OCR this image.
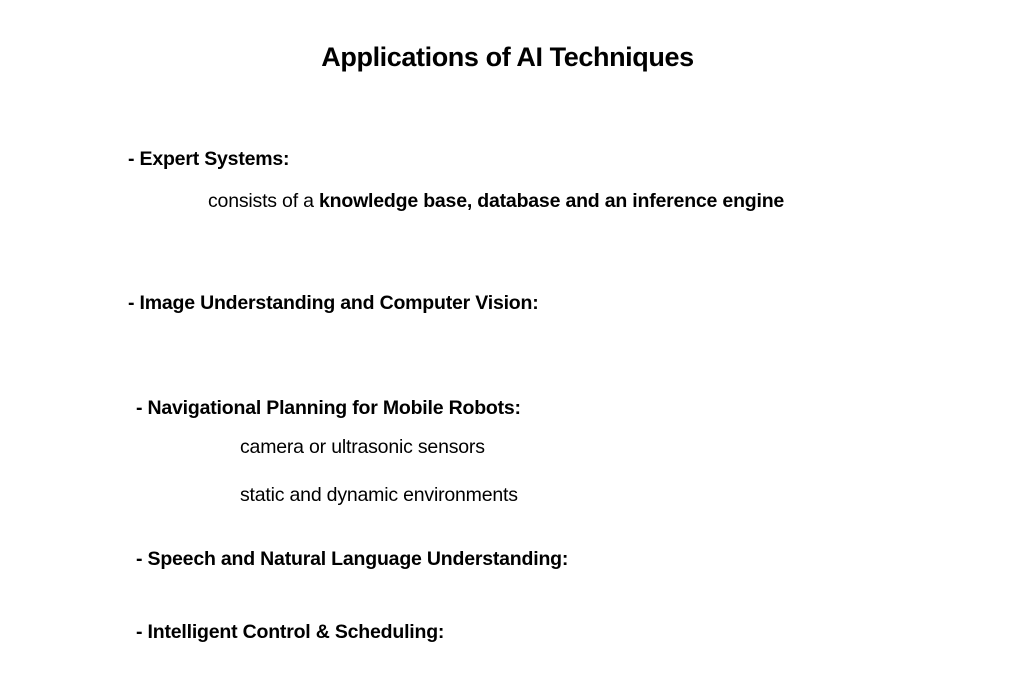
Applications of AI Techniques
- Expert Systems:
consists of a knowledge base, database and an inference engine
- Image Understanding and Computer Vision:
- Navigational Planning for Mobile Robots:
camera or ultrasonic sensors
static and dynamic environments
- Speech and Natural Language Understanding:
- Intelligent Control & Scheduling:
